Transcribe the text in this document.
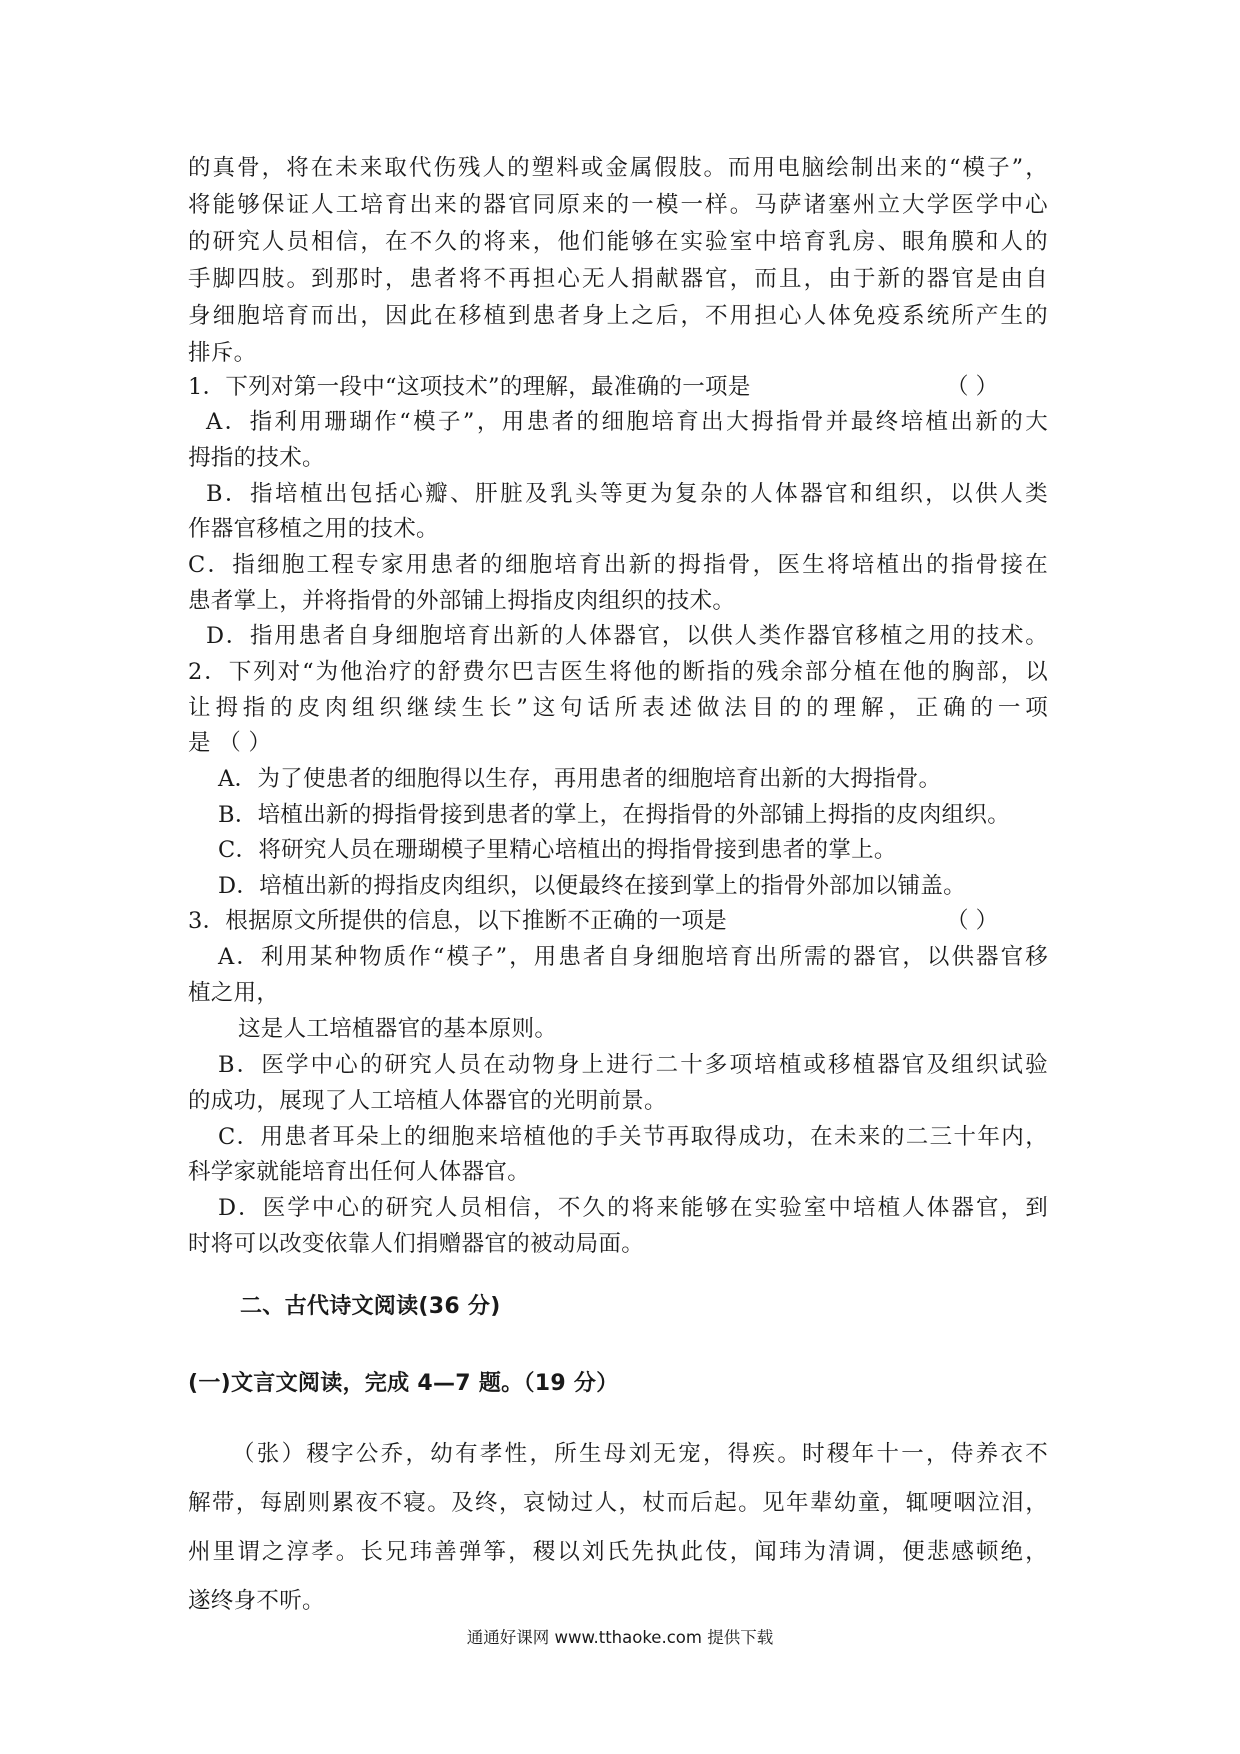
的真骨，将在未来取代伤残人的塑料或金属假肢。而用电脑绘制出来的“模子”，
将能够保证人工培育出来的器官同原来的一模一样。马萨诸塞州立大学医学中心
的研究人员相信，在不久的将来，他们能够在实验室中培育乳房、眼角膜和人的
手脚四肢。到那时，患者将不再担心无人捐献器官，而且，由于新的器官是由自
身细胞培育而出，因此在移植到患者身上之后，不用担心人体免疫系统所产生的
排斥。
1．下列对第一段中“这项技术”的理解，最准确的一项是	（ ）
A．指利用珊瑚作“模子”，用患者的细胞培育出大拇指骨并最终培植出新的大
拇指的技术。
B．指培植出包括心瓣、肝脏及乳头等更为复杂的人体器官和组织，以供人类
作器官移植之用的技术。
C．指细胞工程专家用患者的细胞培育出新的拇指骨，医生将培植出的指骨接在
患者掌上，并将指骨的外部铺上拇指皮肉组织的技术。
D．指用患者自身细胞培育出新的人体器官，以供人类作器官移植之用的技术。
2．下列对“为他治疗的舒费尔巴吉医生将他的断指的残余部分植在他的胸部，以
让拇指的皮肉组织继续生长”这句话所表述做法目的的理解，正确的一项
是 （ ）
A．为了使患者的细胞得以生存，再用患者的细胞培育出新的大拇指骨。
B．培植出新的拇指骨接到患者的掌上，在拇指骨的外部铺上拇指的皮肉组织。
C．将研究人员在珊瑚模子里精心培植出的拇指骨接到患者的掌上。
D．培植出新的拇指皮肉组织，以便最终在接到掌上的指骨外部加以铺盖。
3．根据原文所提供的信息，以下推断不正确的一项是	（ ）
A．利用某种物质作“模子”，用患者自身细胞培育出所需的器官，以供器官移
植之用，
这是人工培植器官的基本原则。
B．医学中心的研究人员在动物身上进行二十多项培植或移植器官及组织试验
的成功，展现了人工培植人体器官的光明前景。
C．用患者耳朵上的细胞来培植他的手关节再取得成功，在未来的二三十年内，
科学家就能培育出任何人体器官。
D．医学中心的研究人员相信，不久的将来能够在实验室中培植人体器官，到
时将可以改变依靠人们捐赠器官的被动局面。
二、古代诗文阅读(36 分)
(一)文言文阅读，完成 4—7 题。（19 分）
（张）稷字公乔，幼有孝性，所生母刘无宠，得疾。时稷年十一，侍养衣不
解带，每剧则累夜不寝。及终，哀恸过人，杖而后起。见年辈幼童，辄哽咽泣泪，
州里谓之淳孝。长兄玮善弹筝，稷以刘氏先执此伎，闻玮为清调，便悲感顿绝，
遂终身不听。
通通好课网 www.tthaoke.com 提供下载
